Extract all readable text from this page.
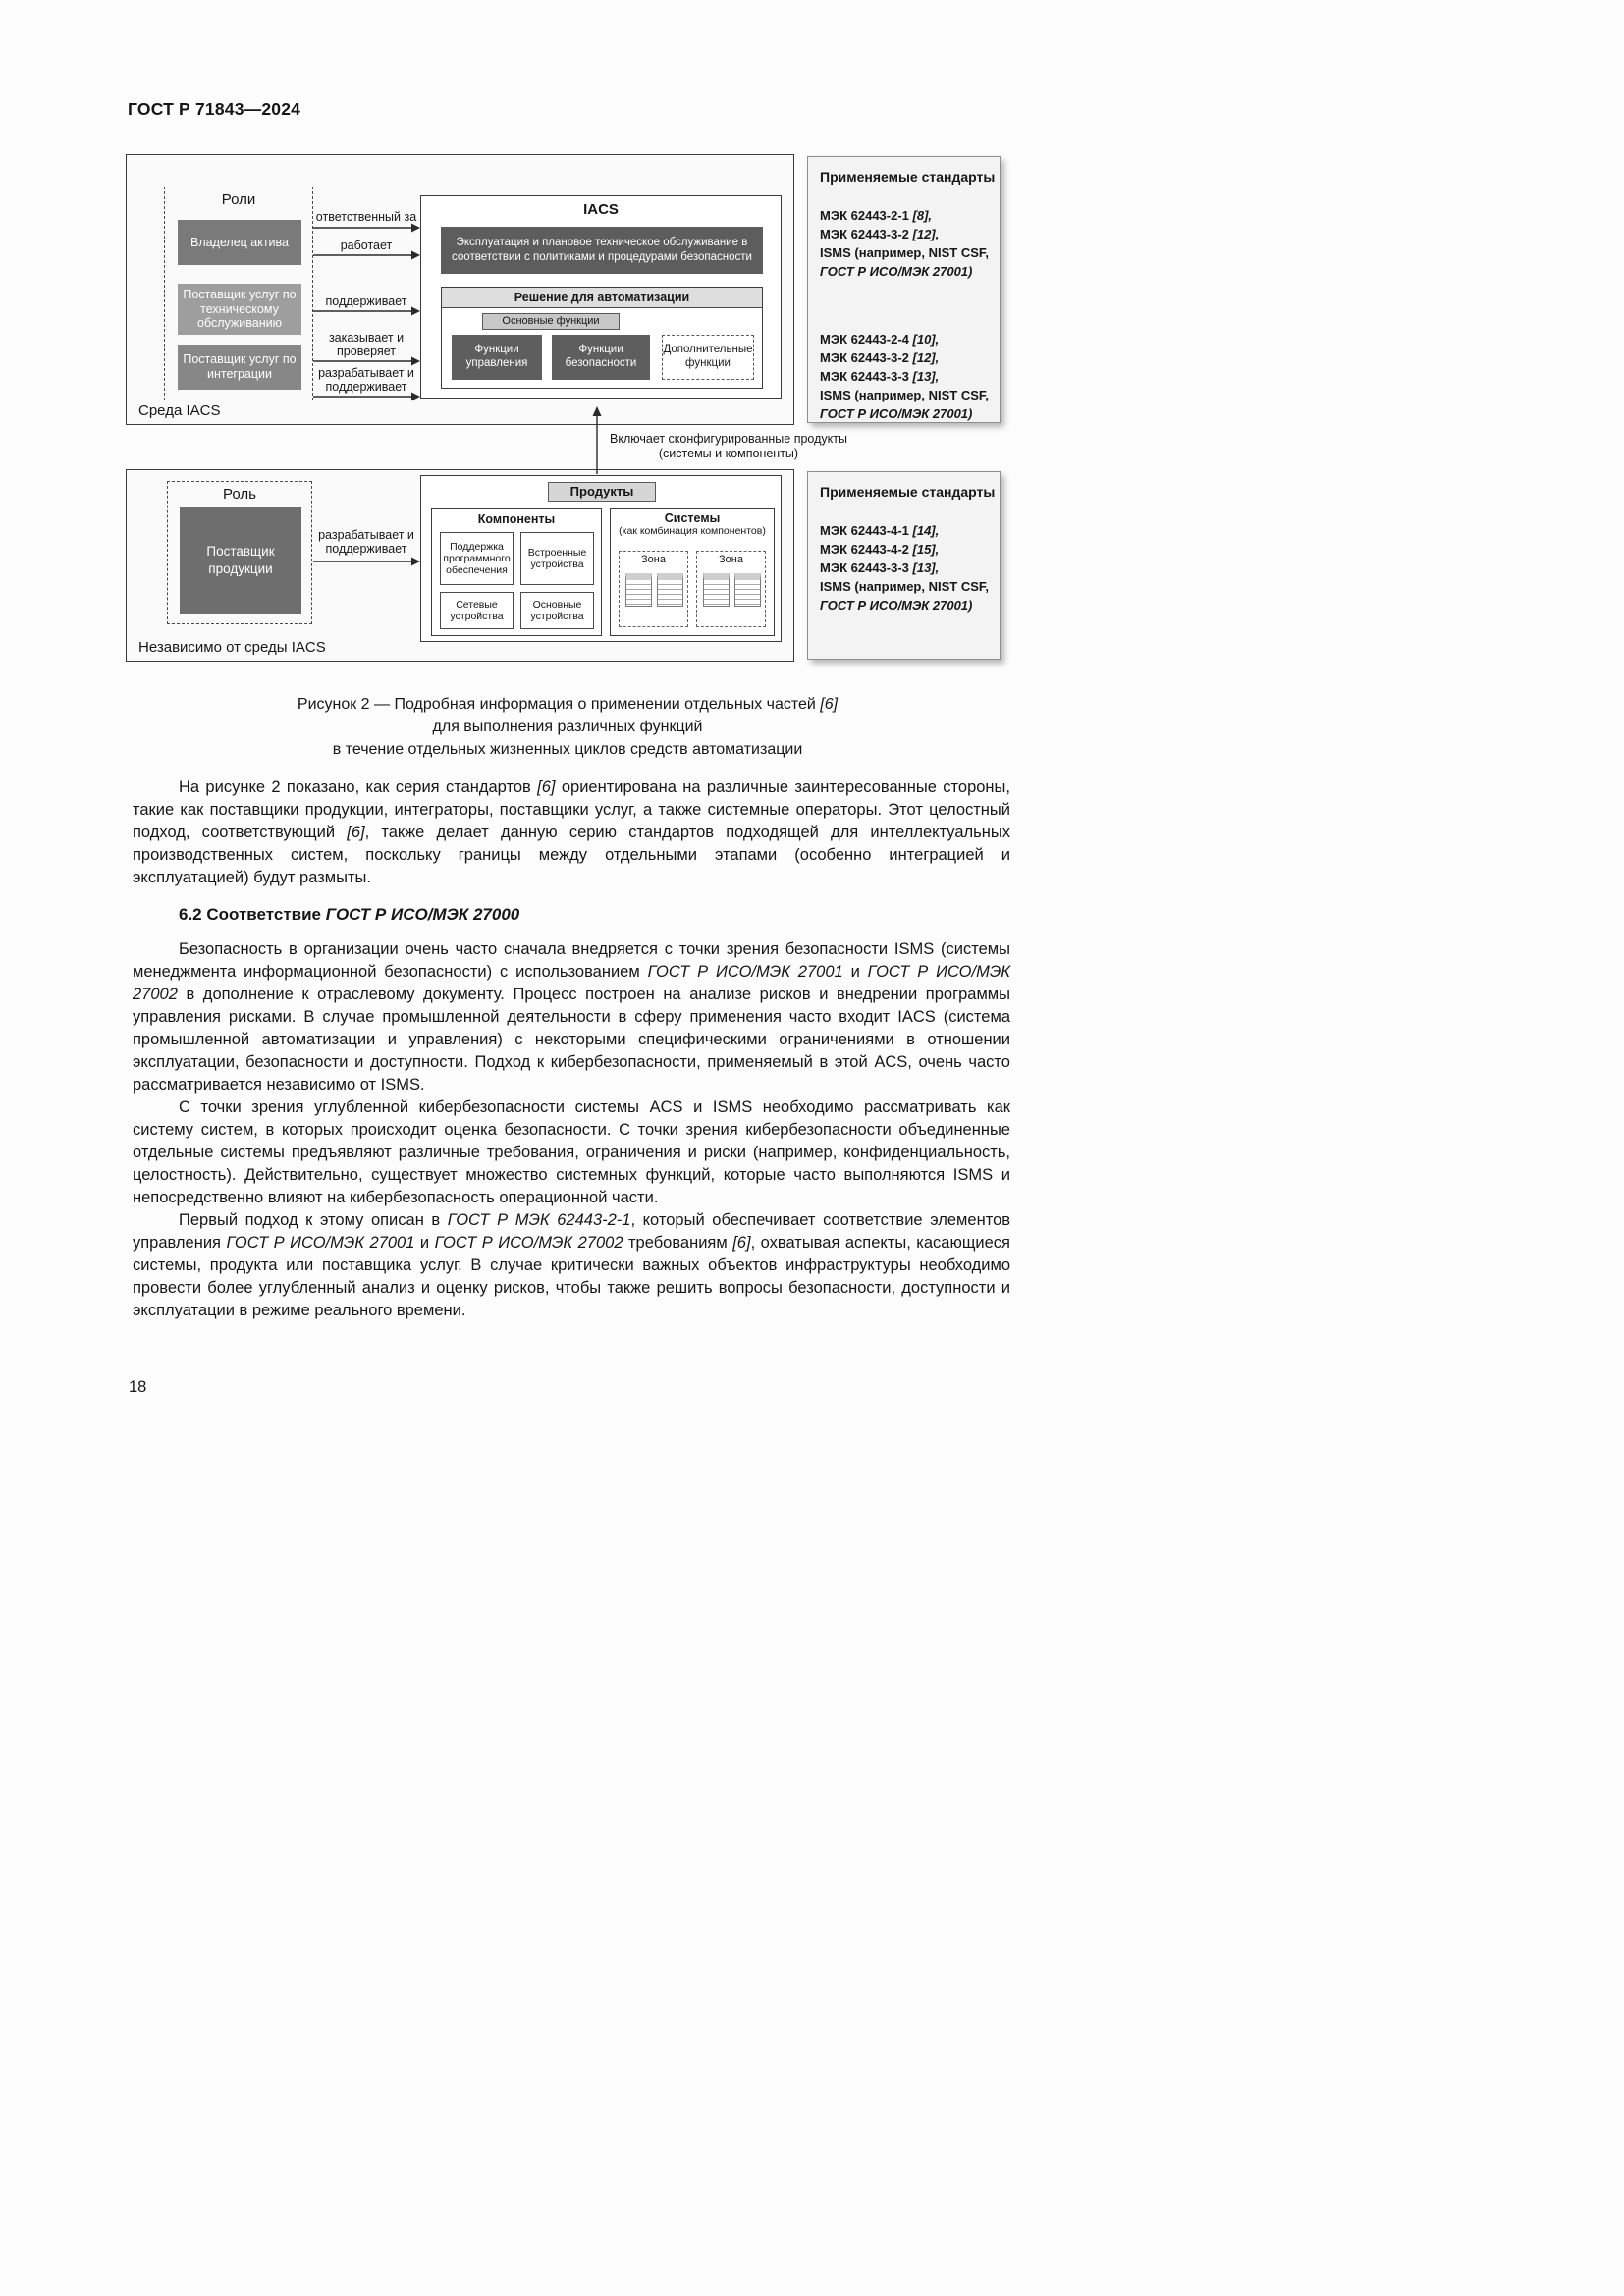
ГОСТ Р 71843—2024
Среда IACS
Роли
Владелец актива
Поставщик услуг по техническому обслуживанию
Поставщик услуг по интеграции
IACS
Эксплуатация и плановое техническое обслуживание в соответствии с политиками и процедурами безопасности
Решение для автоматизации
Основные функции
Функции управления
Функции безопасности
Дополнительные функции
ответственный за
работает
поддерживает
заказывает и проверяет
разрабатывает и поддерживает
Включает сконфигурированные продукты (системы и компоненты)
Независимо от среды IACS
Роль
Поставщик продукции
разрабатывает и поддерживает
Продукты
Компоненты
Поддержка программного обеспечения
Встроенные устройства
Сетевые устройства
Основные устройства
Системы
(как комбинация компонентов)
Зона	Зона
Применяемые стандарты
МЭК 62443-2-1 [8],
МЭК 62443-3-2 [12],
ISMS (например, NIST CSF,
ГОСТ Р ИСО/МЭК 27001)
МЭК 62443-2-4 [10],
МЭК 62443-3-2 [12],
МЭК 62443-3-3 [13],
ISMS (например, NIST CSF,
ГОСТ Р ИСО/МЭК 27001)
Применяемые стандарты
МЭК 62443-4-1 [14],
МЭК 62443-4-2 [15],
МЭК 62443-3-3 [13],
ISMS (например, NIST CSF,
ГОСТ Р ИСО/МЭК 27001)
Рисунок 2 — Подробная информация о применении отдельных частей [6]
для выполнения различных функций
в течение отдельных жизненных циклов средств автоматизации

На рисунке 2 показано, как серия стандартов [6] ориентирована на различные заинтересованные стороны, такие как поставщики продукции, интеграторы, поставщики услуг, а также системные операторы. Этот целостный подход, соответствующий [6], также делает данную серию стандартов подходящей для интеллектуальных производственных систем, поскольку границы между отдельными этапами (особенно интеграцией и эксплуатацией) будут размыты.

6.2 Соответствие ГОСТ Р ИСО/МЭК 27000

Безопасность в организации очень часто сначала внедряется с точки зрения безопасности ISMS (системы менеджмента информационной безопасности) с использованием ГОСТ Р ИСО/МЭК 27001 и ГОСТ Р ИСО/МЭК 27002 в дополнение к отраслевому документу. Процесс построен на анализе рисков и внедрении программы управления рисками. В случае промышленной деятельности в сферу применения часто входит IACS (система промышленной автоматизации и управления) с некоторыми специфическими ограничениями в отношении эксплуатации, безопасности и доступности. Подход к кибербезопасности, применяемый в этой ACS, очень часто рассматривается независимо от ISMS.

С точки зрения углубленной кибербезопасности системы ACS и ISMS необходимо рассматривать как систему систем, в которых происходит оценка безопасности. С точки зрения кибербезопасности объединенные отдельные системы предъявляют различные требования, ограничения и риски (например, конфиденциальность, целостность). Действительно, существует множество системных функций, которые часто выполняются ISMS и непосредственно влияют на кибербезопасность операционной части.

Первый подход к этому описан в ГОСТ Р МЭК 62443-2-1, который обеспечивает соответствие элементов управления ГОСТ Р ИСО/МЭК 27001 и ГОСТ Р ИСО/МЭК 27002 требованиям [6], охватывая аспекты, касающиеся системы, продукта или поставщика услуг. В случае критически важных объектов инфраструктуры необходимо провести более углубленный анализ и оценку рисков, чтобы также решить вопросы безопасности, доступности и эксплуатации в режиме реального времени.

18
